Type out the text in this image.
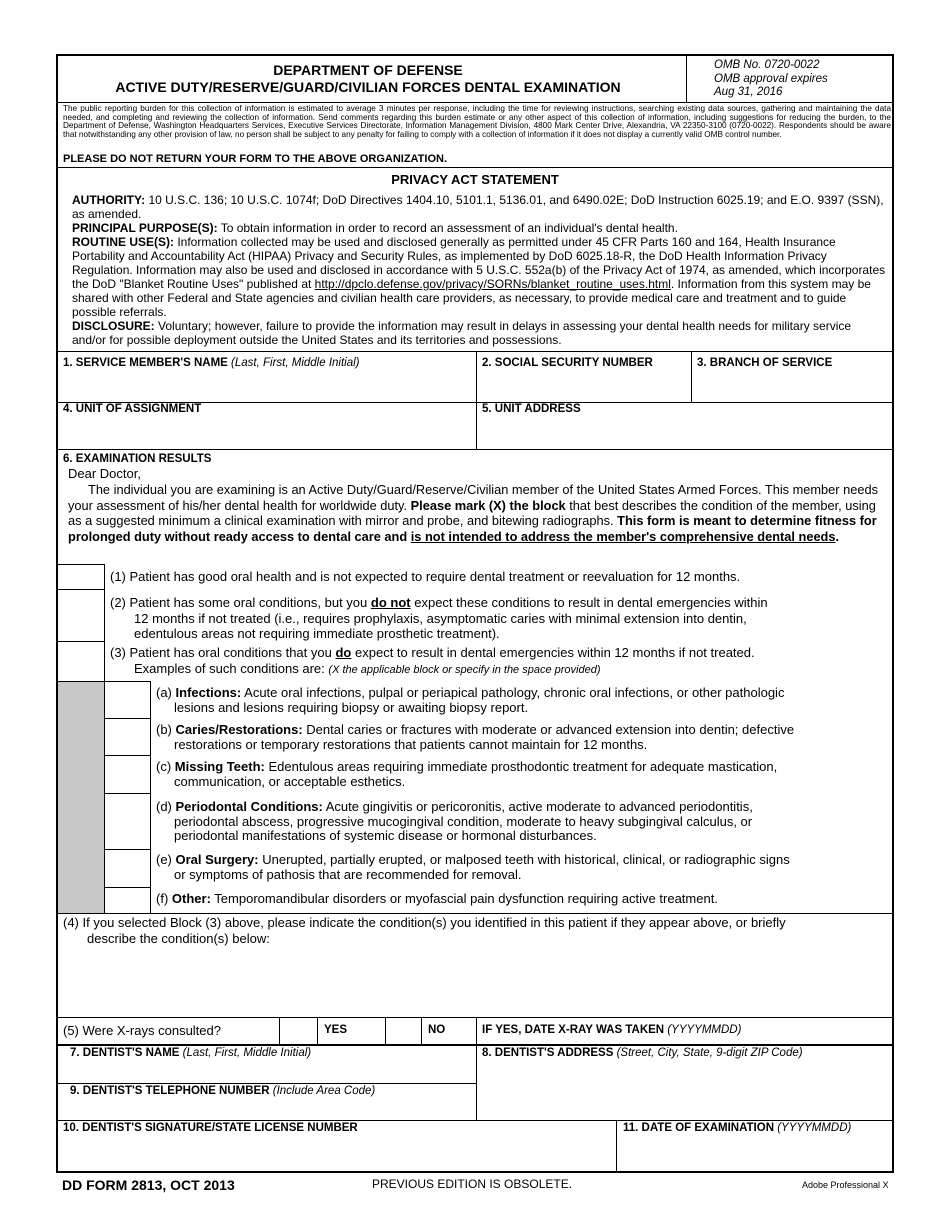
DEPARTMENT OF DEFENSE
ACTIVE DUTY/RESERVE/GUARD/CIVILIAN FORCES DENTAL EXAMINATION
OMB No. 0720-0022
OMB approval expires
Aug 31, 2016
The public reporting burden for this collection of information is estimated to average 3 minutes per response, including the time for reviewing instructions, searching existing data sources, gathering and maintaining the data needed, and completing and reviewing the collection of information. Send comments regarding this burden estimate or any other aspect of this collection of information, including suggestions for reducing the burden, to the Department of Defense, Washington Headquarters Services, Executive Services Directorate, Information Management Division, 4800 Mark Center Drive, Alexandria, VA 22350-3100 (0720-0022). Respondents should be aware that notwithstanding any other provision of law, no person shall be subject to any penalty for failing to comply with a collection of information if it does not display a currently valid OMB control number.
PLEASE DO NOT RETURN YOUR FORM TO THE ABOVE ORGANIZATION.
PRIVACY ACT STATEMENT
AUTHORITY: 10 U.S.C. 136; 10 U.S.C. 1074f; DoD Directives 1404.10, 5101.1, 5136.01, and 6490.02E; DoD Instruction 6025.19; and E.O. 9397 (SSN), as amended.
PRINCIPAL PURPOSE(S): To obtain information in order to record an assessment of an individual's dental health.
ROUTINE USE(S): Information collected may be used and disclosed generally as permitted under 45 CFR Parts 160 and 164, Health Insurance Portability and Accountability Act (HIPAA) Privacy and Security Rules, as implemented by DoD 6025.18-R, the DoD Health Information Privacy Regulation. Information may also be used and disclosed in accordance with 5 U.S.C. 552a(b) of the Privacy Act of 1974, as amended, which incorporates the DoD "Blanket Routine Uses" published at http://dpclo.defense.gov/privacy/SORNs/blanket_routine_uses.html. Information from this system may be shared with other Federal and State agencies and civilian health care providers, as necessary, to provide medical care and treatment and to guide possible referrals.
DISCLOSURE: Voluntary; however, failure to provide the information may result in delays in assessing your dental health needs for military service and/or for possible deployment outside the United States and its territories and possessions.
1. SERVICE MEMBER'S NAME (Last, First, Middle Initial)	2. SOCIAL SECURITY NUMBER	3. BRANCH OF SERVICE
4. UNIT OF ASSIGNMENT	5. UNIT ADDRESS
6. EXAMINATION RESULTS
Dear Doctor,
The individual you are examining is an Active Duty/Guard/Reserve/Civilian member of the United States Armed Forces. This member needs your assessment of his/her dental health for worldwide duty. Please mark (X) the block that best describes the condition of the member, using as a suggested minimum a clinical examination with mirror and probe, and bitewing radiographs. This form is meant to determine fitness for prolonged duty without ready access to dental care and is not intended to address the member's comprehensive dental needs.
(1) Patient has good oral health and is not expected to require dental treatment or reevaluation for 12 months.
(2) Patient has some oral conditions, but you do not expect these conditions to result in dental emergencies within
12 months if not treated (i.e., requires prophylaxis, asymptomatic caries with minimal extension into dentin,
edentulous areas not requiring immediate prosthetic treatment).
(3) Patient has oral conditions that you do expect to result in dental emergencies within 12 months if not treated.
Examples of such conditions are: (X the applicable block or specify in the space provided)
(a) Infections: Acute oral infections, pulpal or periapical pathology, chronic oral infections, or other pathologic
lesions and lesions requiring biopsy or awaiting biopsy report.
(b) Caries/Restorations: Dental caries or fractures with moderate or advanced extension into dentin; defective
restorations or temporary restorations that patients cannot maintain for 12 months.
(c) Missing Teeth: Edentulous areas requiring immediate prosthodontic treatment for adequate mastication,
communication, or acceptable esthetics.
(d) Periodontal Conditions: Acute gingivitis or pericoronitis, active moderate to advanced periodontitis,
periodontal abscess, progressive mucogingival condition, moderate to heavy subgingival calculus, or
periodontal manifestations of systemic disease or hormonal disturbances.
(e) Oral Surgery: Unerupted, partially erupted, or malposed teeth with historical, clinical, or radiographic signs
or symptoms of pathosis that are recommended for removal.
(f) Other: Temporomandibular disorders or myofascial pain dysfunction requiring active treatment.
(4) If you selected Block (3) above, please indicate the condition(s) you identified in this patient if they appear above, or briefly
describe the condition(s) below:
(5) Were X-rays consulted?	YES	NO	IF YES, DATE X-RAY WAS TAKEN (YYYYMMDD)
7. DENTIST'S NAME (Last, First, Middle Initial)	8. DENTIST'S ADDRESS (Street, City, State, 9-digit ZIP Code)
9. DENTIST'S TELEPHONE NUMBER (Include Area Code)
10. DENTIST'S SIGNATURE/STATE LICENSE NUMBER	11. DATE OF EXAMINATION (YYYYMMDD)
DD FORM 2813, OCT 2013	PREVIOUS EDITION IS OBSOLETE.	Adobe Professional X
